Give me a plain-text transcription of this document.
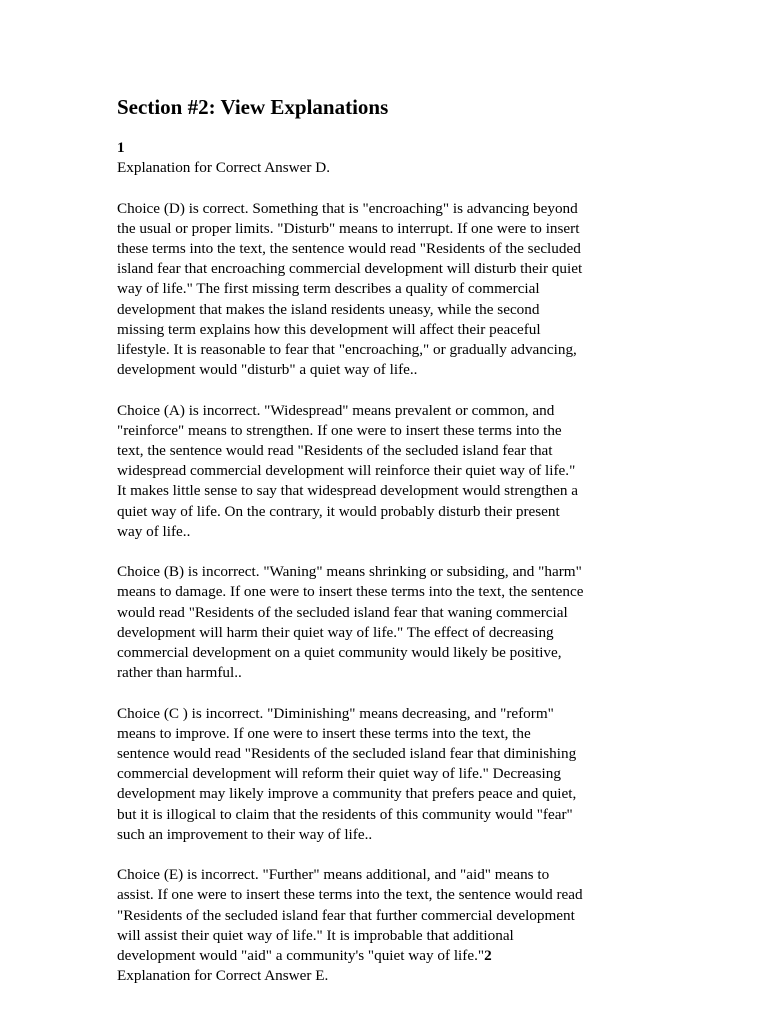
Section #2: View Explanations
1
Explanation for Correct Answer D.
Choice (D) is correct. Something that is "encroaching" is advancing beyond
the usual or proper limits. "Disturb" means to interrupt. If one were to insert
these terms into the text, the sentence would read "Residents of the secluded
island fear that encroaching commercial development will disturb their quiet
way of life." The first missing term describes a quality of commercial
development that makes the island residents uneasy, while the second
missing term explains how this development will affect their peaceful
lifestyle. It is reasonable to fear that "encroaching," or gradually advancing,
development would "disturb" a quiet way of life..
Choice (A) is incorrect. "Widespread" means prevalent or common, and
"reinforce" means to strengthen. If one were to insert these terms into the
text, the sentence would read "Residents of the secluded island fear that
widespread commercial development will reinforce their quiet way of life."
It makes little sense to say that widespread development would strengthen a
quiet way of life. On the contrary, it would probably disturb their present
way of life..
Choice (B) is incorrect. "Waning" means shrinking or subsiding, and "harm"
means to damage. If one were to insert these terms into the text, the sentence
would read "Residents of the secluded island fear that waning commercial
development will harm their quiet way of life." The effect of decreasing
commercial development on a quiet community would likely be positive,
rather than harmful..
Choice (C ) is incorrect. "Diminishing" means decreasing, and "reform"
means to improve. If one were to insert these terms into the text, the
sentence would read "Residents of the secluded island fear that diminishing
commercial development will reform their quiet way of life." Decreasing
development may likely improve a community that prefers peace and quiet,
but it is illogical to claim that the residents of this community would "fear"
such an improvement to their way of life..
Choice (E) is incorrect. "Further" means additional, and "aid" means to
assist. If one were to insert these terms into the text, the sentence would read
"Residents of the secluded island fear that further commercial development
will assist their quiet way of life." It is improbable that additional
development would "aid" a community's "quiet way of life."2
Explanation for Correct Answer E.
